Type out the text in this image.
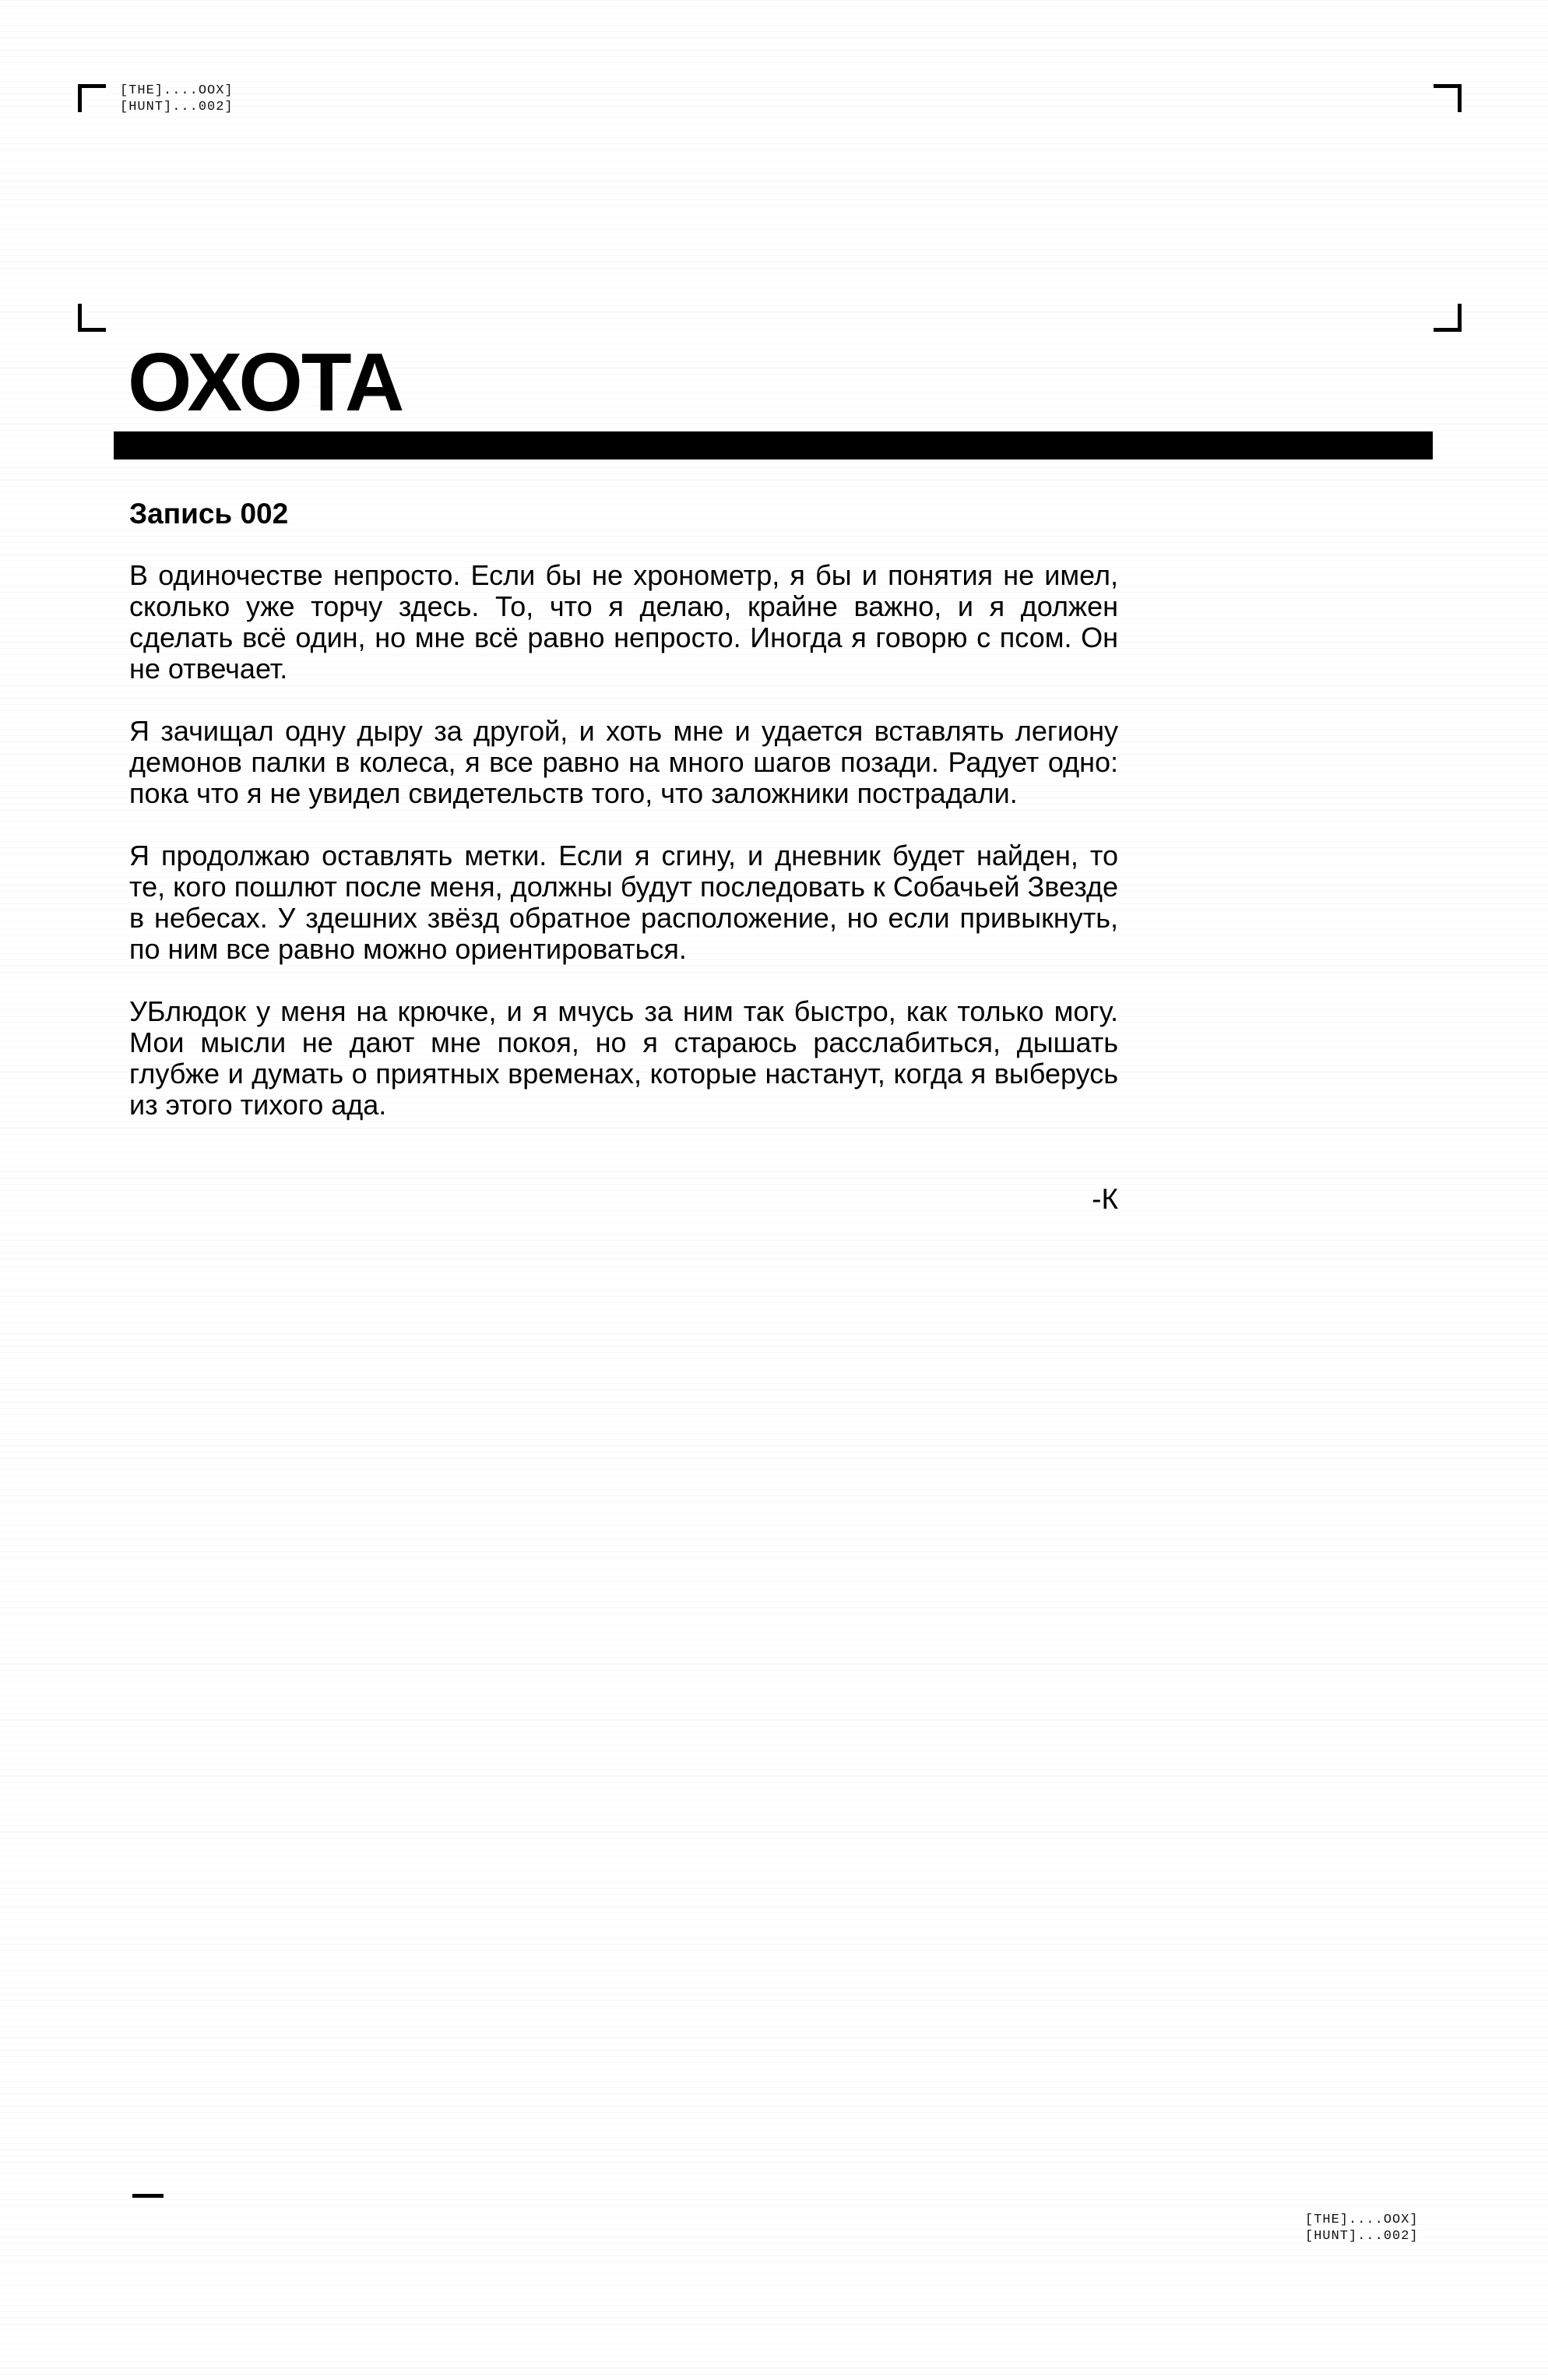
[THE]....OOX]
[HUNT]...002]
ОХОТА
Запись 002

В одиночестве непросто. Если бы не хронометр, я бы и понятия не имел, сколько уже торчу здесь. То, что я делаю, крайне важно, и я должен сделать всё один, но мне всё равно непросто. Иногда я говорю с псом. Он не отвечает.

Я зачищал одну дыру за другой, и хоть мне и удается вставлять легиону демонов палки в колеса, я все равно на много шагов позади. Радует одно: пока что я не увидел свидетельств того, что заложники пострадали.

Я продолжаю оставлять метки. Если я сгину, и дневник будет найден, то те, кого пошлют после меня, должны будут последовать к Собачьей Звезде в небесах. У здешних звёзд обратное расположение, но если привыкнуть, по ним все равно можно ориентироваться.

УБлюдок у меня на крючке, и я мчусь за ним так быстро, как только могу. Мои мысли не дают мне покоя, но я стараюсь расслабиться, дышать глубже и думать о приятных временах, которые настанут, когда я выберусь из этого тихого ада.

-К

[THE]....OOX]
[HUNT]...002]
